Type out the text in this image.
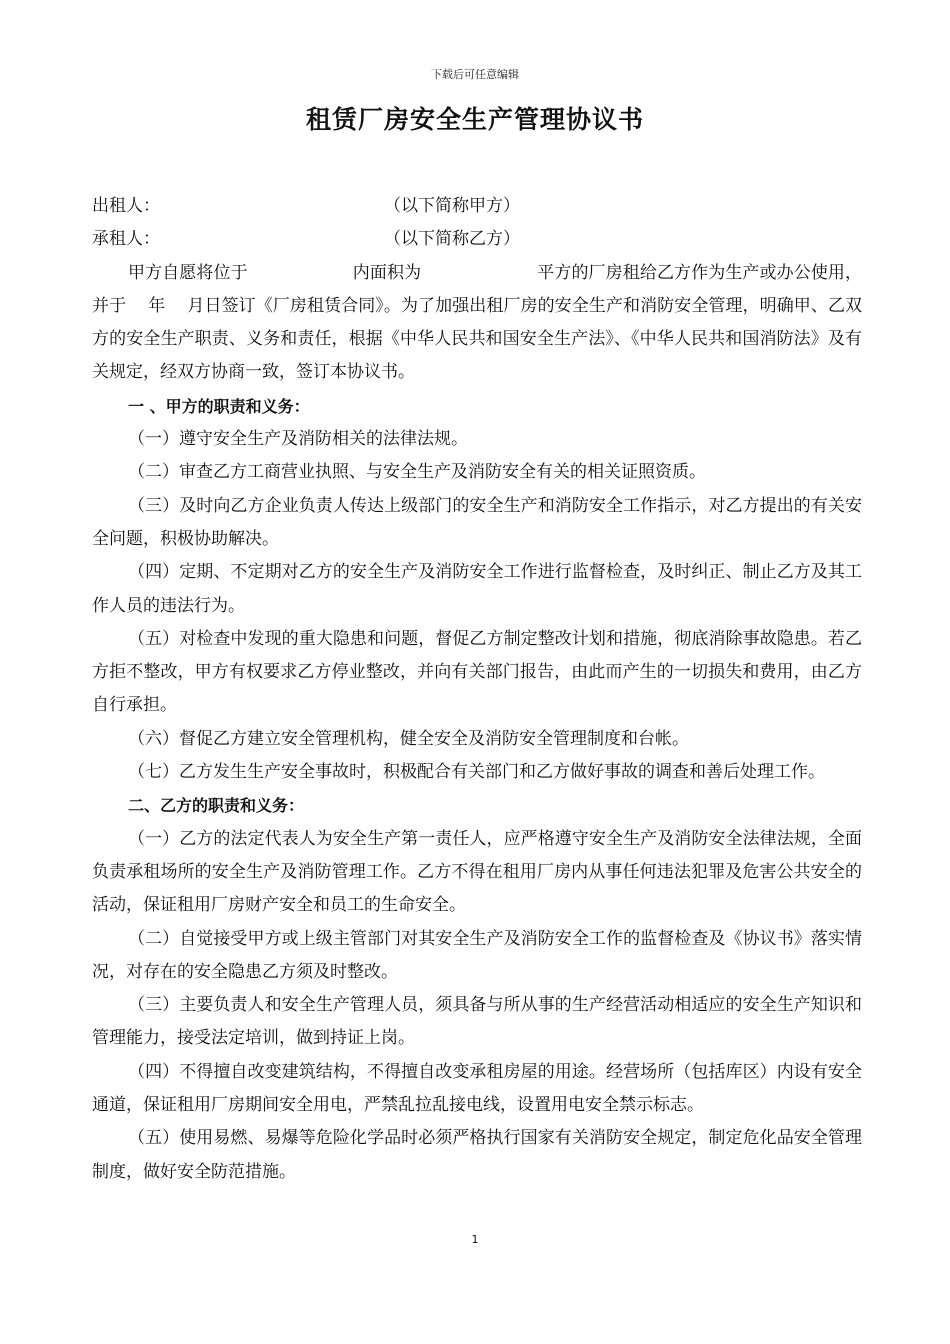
下载后可任意编辑
租赁厂房安全生产管理协议书
出租人：	（以下简称甲方）
承租人：	（以下简称乙方）

甲方自愿将位于	内面积为	平方的厂房租给乙方作为生产或办公使用，并于 年 月日签订《厂房租赁合同》。为了加强出租厂房的安全生产和消防安全管理，明确甲、乙双方的安全生产职责、义务和责任，根据《中华人民共和国安全生产法》、《中华人民共和国消防法》及有关规定，经双方协商一致，签订本协议书。

一 、甲方的职责和义务：

（一）遵守安全生产及消防相关的法律法规。

（二）审查乙方工商营业执照、与安全生产及消防安全有关的相关证照资质。

（三）及时向乙方企业负责人传达上级部门的安全生产和消防安全工作指示，对乙方提出的有关安全问题，积极协助解决。

（四）定期、不定期对乙方的安全生产及消防安全工作进行监督检查，及时纠正、制止乙方及其工作人员的违法行为。

（五）对检查中发现的重大隐患和问题，督促乙方制定整改计划和措施，彻底消除事故隐患。若乙方拒不整改，甲方有权要求乙方停业整改，并向有关部门报告，由此而产生的一切损失和费用，由乙方自行承担。

（六）督促乙方建立安全管理机构，健全安全及消防安全管理制度和台帐。

（七）乙方发生生产安全事故时，积极配合有关部门和乙方做好事故的调查和善后处理工作。

二、乙方的职责和义务：

（一）乙方的法定代表人为安全生产第一责任人，应严格遵守安全生产及消防安全法律法规，全面负责承租场所的安全生产及消防管理工作。乙方不得在租用厂房内从事任何违法犯罪及危害公共安全的活动，保证租用厂房财产安全和员工的生命安全。

（二）自觉接受甲方或上级主管部门对其安全生产及消防安全工作的监督检查及《协议书》落实情况，对存在的安全隐患乙方须及时整改。

（三）主要负责人和安全生产管理人员，须具备与所从事的生产经营活动相适应的安全生产知识和管理能力，接受法定培训，做到持证上岗。

（四）不得擅自改变建筑结构，不得擅自改变承租房屋的用途。经营场所（包括库区）内设有安全通道，保证租用厂房期间安全用电，严禁乱拉乱接电线，设置用电安全禁示标志。

（五）使用易燃、易爆等危险化学品时必须严格执行国家有关消防安全规定，制定危化品安全管理制度，做好安全防范措施。

1
